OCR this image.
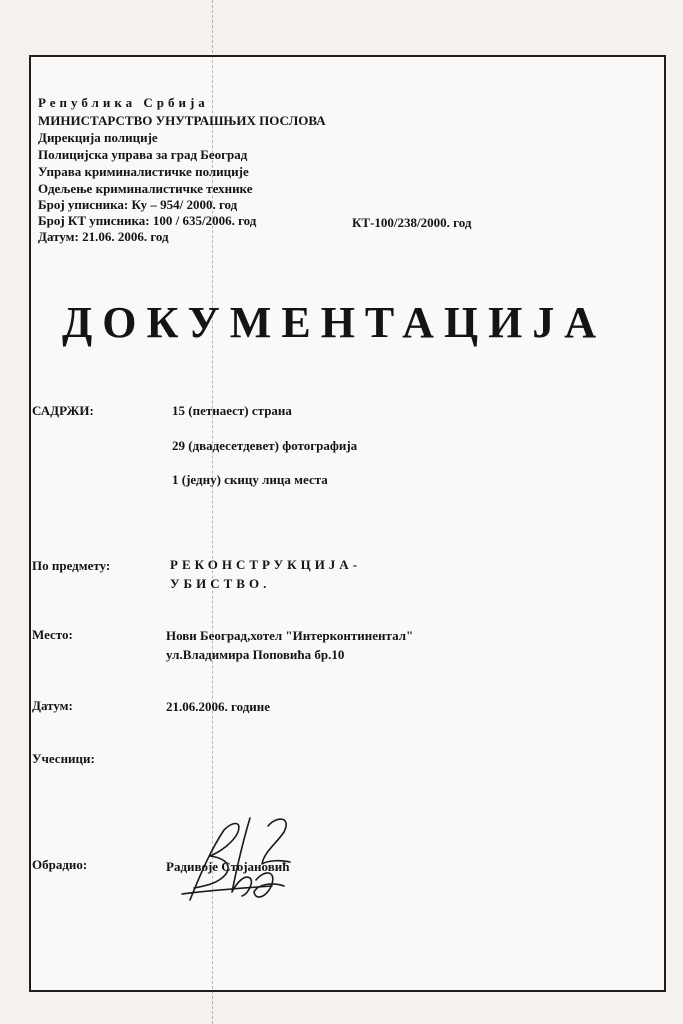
Република Србија
МИНИСТАРСТВО УНУТРАШЊИХ ПОСЛОВА
Дирекција полиције
Полицијска управа за град Београд
Управа криминалистичке полиције
Одељење криминалистичке технике
Број уписника: Ку – 954/ 2000. год
Број КТ уписника: 100 / 635/2006. год	КТ-100/238/2000. год
Датум: 21.06. 2006. год
ДОКУМЕНТАЦИЈА
САДРЖИ:	15 (петнаест) страна
29 (двадесетдевет) фотографија
1 (једну) скицу лица места
По предмету:	РЕКОНСТРУКЦИЈА-
УБИСТВО.
Место:	Нови Београд,хотел "Интерконтинентал"
ул.Владимира Поповића бр.10
Датум:	21.06.2006. године
Учесници:
Обрадио:	Радивоје Стојановић
